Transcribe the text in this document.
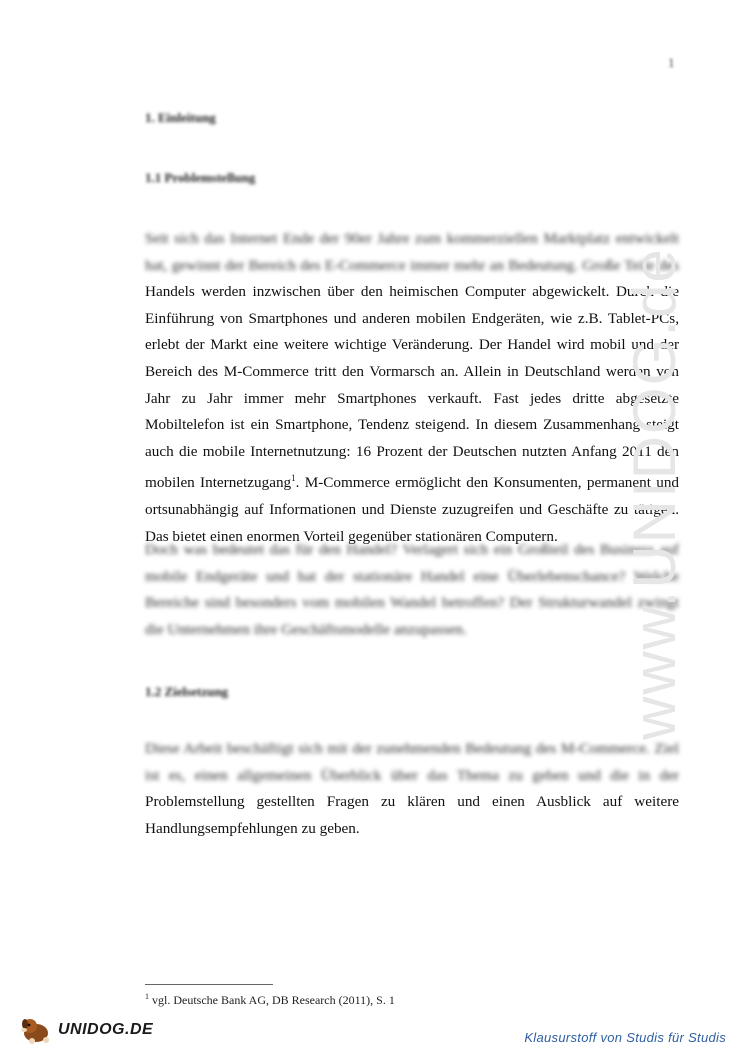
1
1. Einleitung
1.1 Problemstellung
Seit sich das Internet Ende der 90er Jahre zum kommerziellen Marktplatz entwickelt
hat, gewinnt der Bereich des E-Commerce immer mehr an Bedeutung. Große Teile des
Handels werden inzwischen über den heimischen Computer abgewickelt. Durch die
Einführung von Smartphones und anderen mobilen Endgeräten, wie z.B. Tablet-PCs,
erlebt der Markt eine weitere wichtige Veränderung. Der Handel wird mobil und der
Bereich des M-Commerce tritt den Vormarsch an. Allein in Deutschland werden von
Jahr zu Jahr immer mehr Smartphones verkauft. Fast jedes dritte abgesetzte
Mobiltelefon ist ein Smartphone, Tendenz steigend. In diesem Zusammenhang steigt
auch die mobile Internetnutzung: 16 Prozent der Deutschen nutzten Anfang 2011 den
mobilen Internetzugang$^1$. M-Commerce ermöglicht den Konsumenten, permanent und
ortsunabhängig auf Informationen und Dienste zuzugreifen und Geschäfte zu tätigen.
Das bietet einen enormen Vorteil gegenüber stationären Computern.
Doch was bedeutet das für den Handel? Verlagert sich ein Großteil des Business auf
mobile Endgeräte und hat der stationäre Handel eine Überlebenschance? Welche
Bereiche sind besonders vom mobilen Wandel betroffen? Der Strukturwandel zwingt
die Unternehmen ihre Geschäftsmodelle anzupassen.
1.2 Zielsetzung
Diese Arbeit beschäftigt sich mit der zunehmenden Bedeutung des M-Commerce. Ziel
ist es, einen allgemeinen Überblick über das Thema zu geben und die in der
Problemstellung gestellten Fragen zu klären und einen Ausblick auf weitere
Handlungsempfehlungen zu geben.
www.UNIDOG.de
$^1$ vgl. Deutsche Bank AG, DB Research (2011), S. 1
UNIDOG.DE	Klausurstoff von Studis für Studis
